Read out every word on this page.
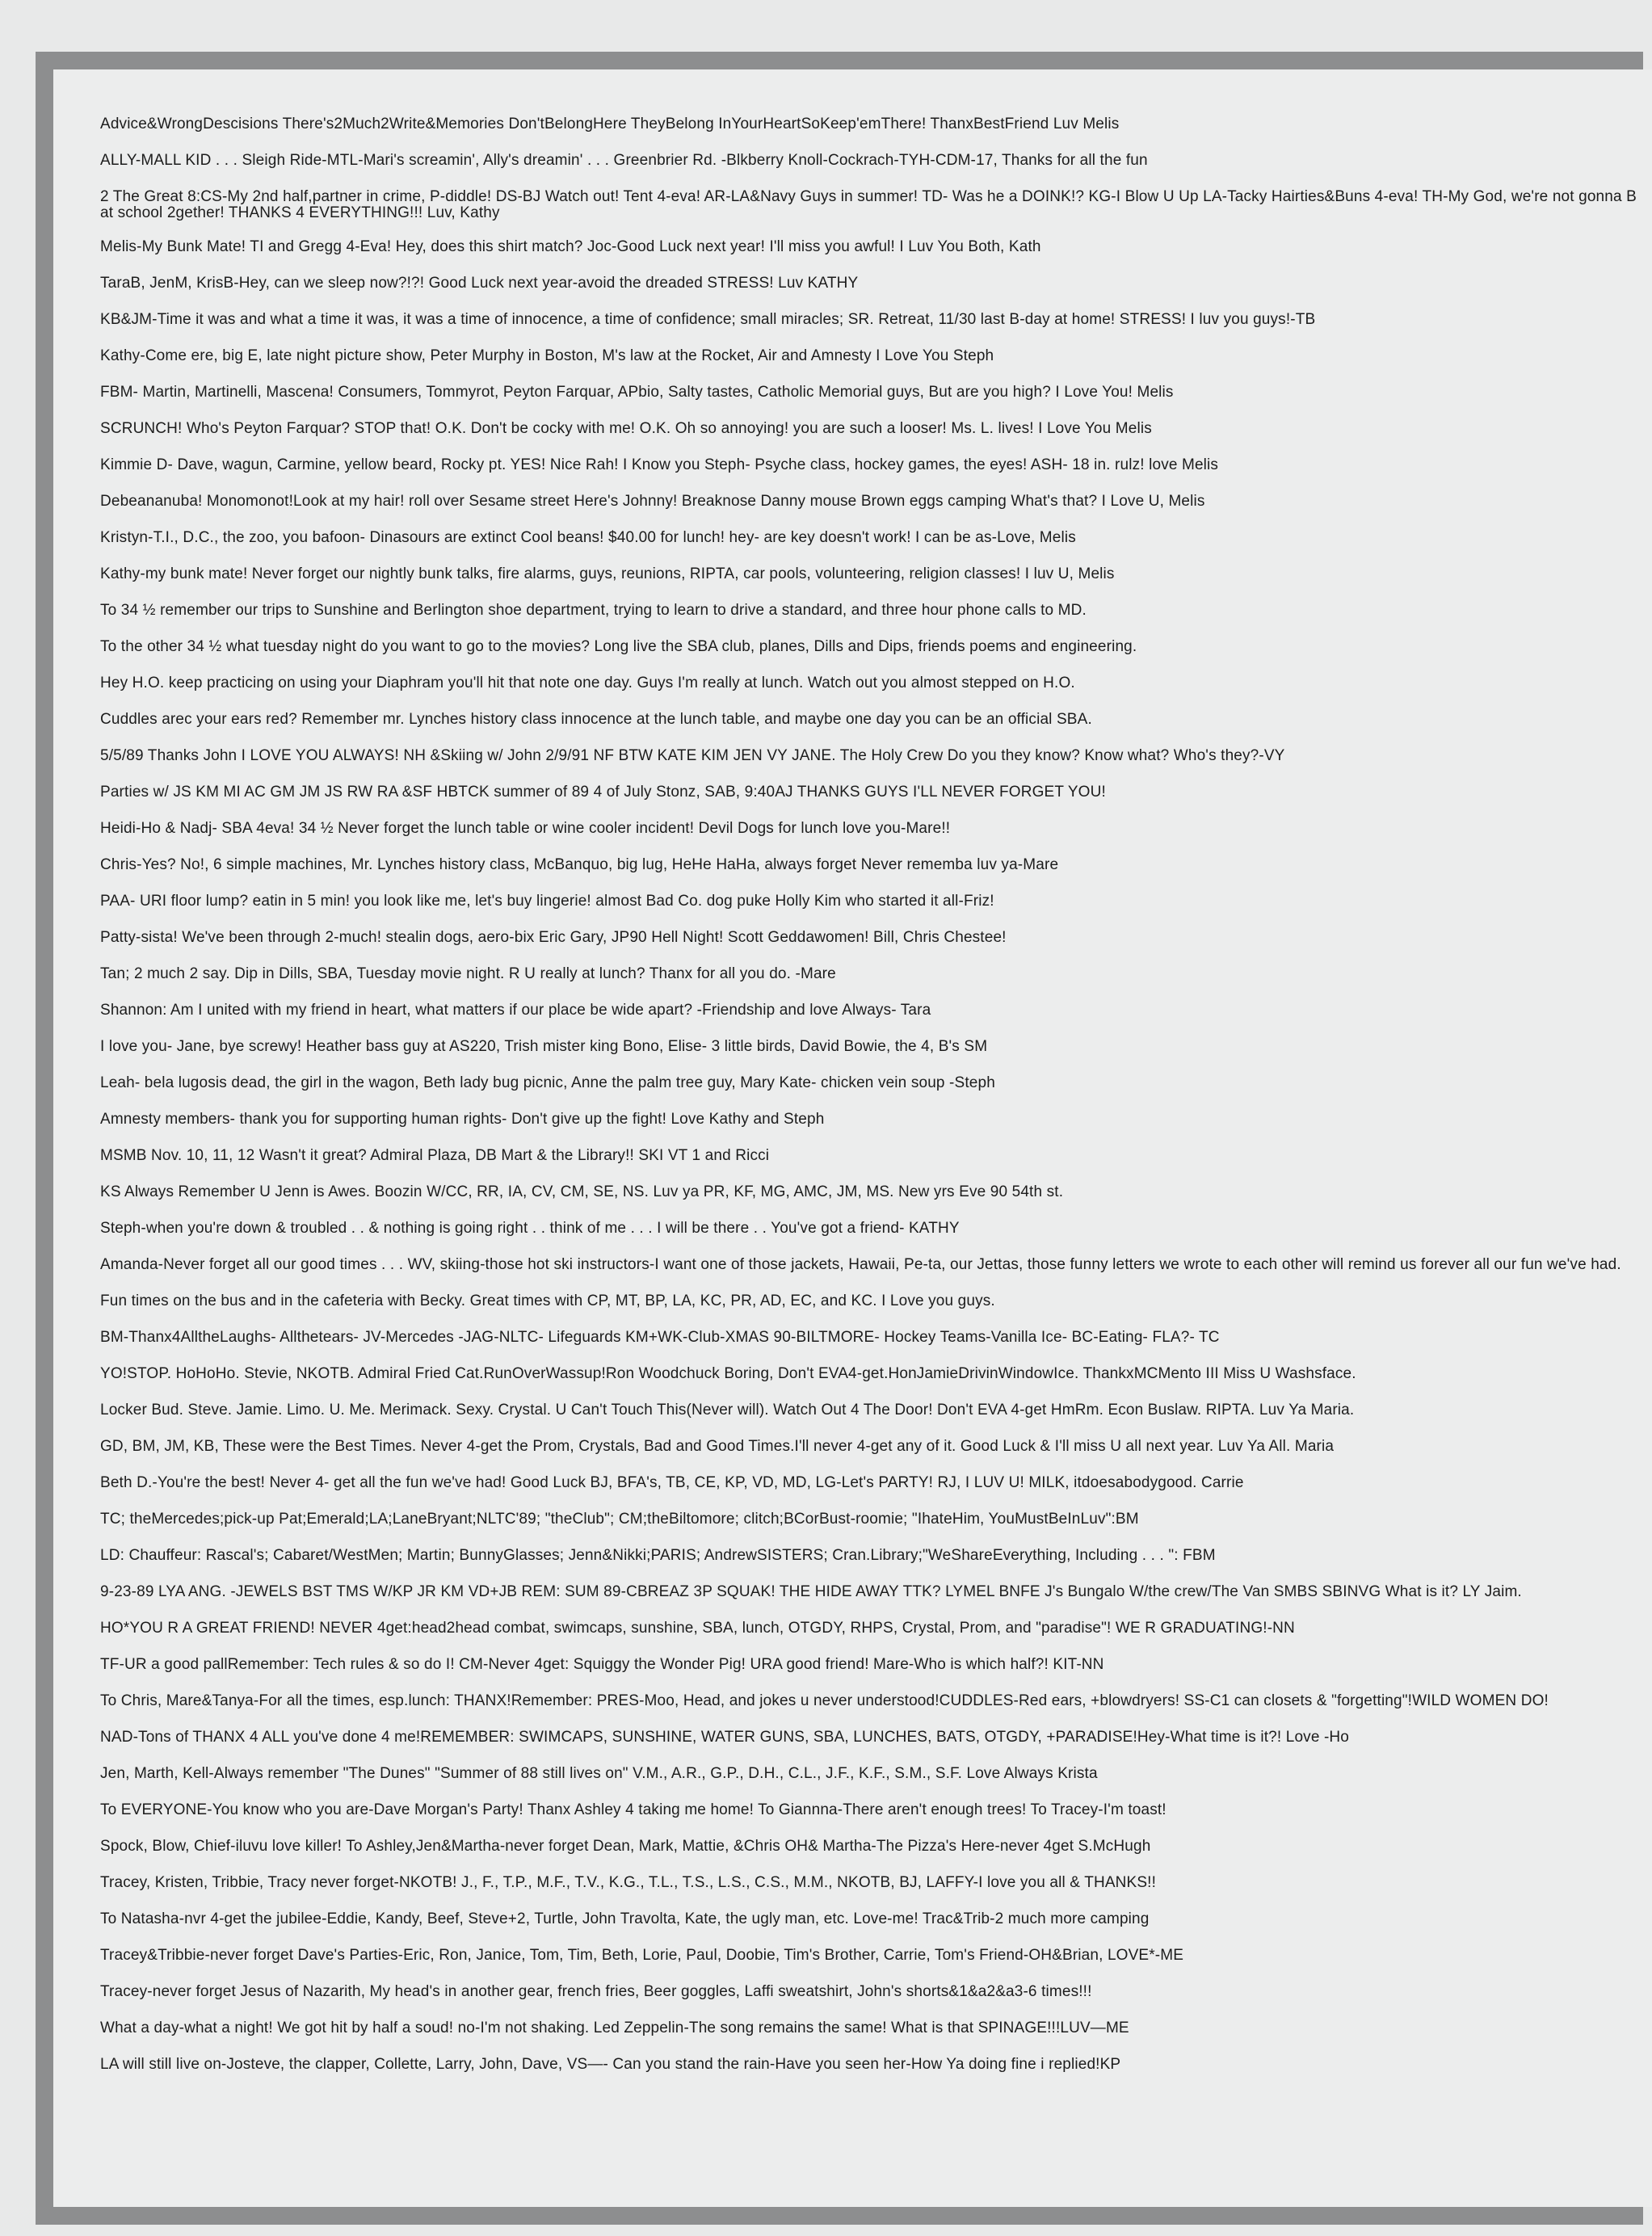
Advice&WrongDescisions There's2Much2Write&Memories Don'tBelongHere TheyBelong InYourHeartSoKeep'emThere! ThanxBestFriend Luv Melis
ALLY-MALL KID . . . Sleigh Ride-MTL-Mari's screamin', Ally's dreamin' . . . Greenbrier Rd. -Blkberry Knoll-Cockrach-TYH-CDM-17, Thanks for all the fun
2 The Great 8:CS-My 2nd half,partner in crime, P-diddle! DS-BJ Watch out! Tent 4-eva! AR-LA&Navy Guys in summer! TD- Was he a DOINK!? KG-I Blow U Up LA-Tacky Hairties&Buns 4-eva! TH-My God, we're not gonna B at school 2gether! THANKS 4 EVERYTHING!!! Luv, Kathy
Melis-My Bunk Mate! TI and Gregg 4-Eva! Hey, does this shirt match? Joc-Good Luck next year! I'll miss you awful! I Luv You Both, Kath
TaraB, JenM, KrisB-Hey, can we sleep now?!?! Good Luck next year-avoid the dreaded STRESS! Luv KATHY
KB&JM-Time it was and what a time it was, it was a time of innocence, a time of confidence; small miracles; SR. Retreat, 11/30 last B-day at home! STRESS! I luv you guys!-TB
Kathy-Come ere, big E, late night picture show, Peter Murphy in Boston, M's law at the Rocket, Air and Amnesty I Love You Steph
FBM- Martin, Martinelli, Mascena! Consumers, Tommyrot, Peyton Farquar, APbio, Salty tastes, Catholic Memorial guys, But are you high? I Love You! Melis
SCRUNCH! Who's Peyton Farquar? STOP that! O.K. Don't be cocky with me! O.K. Oh so annoying! you are such a looser! Ms. L. lives! I Love You Melis
Kimmie D- Dave, wagun, Carmine, yellow beard, Rocky pt. YES! Nice Rah! I Know you Steph- Psyche class, hockey games, the eyes! ASH- 18 in. rulz! love Melis
Debeananuba! Monomonot!Look at my hair! roll over Sesame street Here's Johnny! Breaknose Danny mouse Brown eggs camping What's that? I Love U, Melis
Kristyn-T.I., D.C., the zoo, you bafoon- Dinasours are extinct Cool beans! $40.00 for lunch! hey- are key doesn't work! I can be as-Love, Melis
Kathy-my bunk mate! Never forget our nightly bunk talks, fire alarms, guys, reunions, RIPTA, car pools, volunteering, religion classes! I luv U, Melis
To 34 ½ remember our trips to Sunshine and Berlington shoe department, trying to learn to drive a standard, and three hour phone calls to MD.
To the other 34 ½ what tuesday night do you want to go to the movies? Long live the SBA club, planes, Dills and Dips, friends poems and engineering.
Hey H.O. keep practicing on using your Diaphram you'll hit that note one day. Guys I'm really at lunch. Watch out you almost stepped on H.O.
Cuddles arec your ears red? Remember mr. Lynches history class innocence at the lunch table, and maybe one day you can be an official SBA.
5/5/89 Thanks John I LOVE YOU ALWAYS! NH &Skiing w/ John 2/9/91 NF BTW KATE KIM JEN VY JANE. The Holy Crew Do you they know? Know what? Who's they?-VY
Parties w/ JS KM MI AC GM JM JS RW RA &SF HBTCK summer of 89 4 of July Stonz, SAB, 9:40AJ THANKS GUYS I'LL NEVER FORGET YOU!
Heidi-Ho & Nadj- SBA 4eva! 34 ½ Never forget the lunch table or wine cooler incident! Devil Dogs for lunch love you-Mare!!
Chris-Yes? No!, 6 simple machines, Mr. Lynches history class, McBanquo, big lug, HeHe HaHa, always forget Never rememba luv ya-Mare
PAA- URI floor lump? eatin in 5 min! you look like me, let's buy lingerie! almost Bad Co. dog puke Holly Kim who started it all-Friz!
Patty-sista! We've been through 2-much! stealin dogs, aero-bix Eric Gary, JP90 Hell Night! Scott Geddawomen! Bill, Chris Chestee!
Tan; 2 much 2 say. Dip in Dills, SBA, Tuesday movie night. R U really at lunch? Thanx for all you do. -Mare
Shannon: Am I united with my friend in heart, what matters if our place be wide apart? -Friendship and love Always- Tara
I love you- Jane, bye screwy! Heather bass guy at AS220, Trish mister king Bono, Elise- 3 little birds, David Bowie, the 4, B's SM
Leah- bela lugosis dead, the girl in the wagon, Beth lady bug picnic, Anne the palm tree guy, Mary Kate- chicken vein soup -Steph
Amnesty members- thank you for supporting human rights- Don't give up the fight! Love Kathy and Steph
MSMB Nov. 10, 11, 12 Wasn't it great? Admiral Plaza, DB Mart & the Library!! SKI VT 1 and Ricci
KS Always Remember U Jenn is Awes. Boozin W/CC, RR, IA, CV, CM, SE, NS. Luv ya PR, KF, MG, AMC, JM, MS. New yrs Eve 90 54th st.
Steph-when you're down & troubled . . & nothing is going right . . think of me . . . I will be there . . You've got a friend- KATHY
Amanda-Never forget all our good times . . . WV, skiing-those hot ski instructors-I want one of those jackets, Hawaii, Pe-ta, our Jettas, those funny letters we wrote to each other will remind us forever all our fun we've had.
Fun times on the bus and in the cafeteria with Becky. Great times with CP, MT, BP, LA, KC, PR, AD, EC, and KC. I Love you guys.
BM-Thanx4AlltheLaughs- Allthetears- JV-Mercedes -JAG-NLTC- Lifeguards KM+WK-Club-XMAS 90-BILTMORE- Hockey Teams-Vanilla Ice- BC-Eating- FLA?- TC
YO!STOP. HoHoHo. Stevie, NKOTB. Admiral Fried Cat.RunOverWassup!Ron Woodchuck Boring, Don't EVA4-get.HonJamieDrivinWindowIce. ThankxMCMento III Miss U Washsface.
Locker Bud. Steve. Jamie. Limo. U. Me. Merimack. Sexy. Crystal. U Can't Touch This(Never will). Watch Out 4 The Door! Don't EVA 4-get HmRm. Econ Buslaw. RIPTA. Luv Ya Maria.
GD, BM, JM, KB, These were the Best Times. Never 4-get the Prom, Crystals, Bad and Good Times.I'll never 4-get any of it. Good Luck & I'll miss U all next year. Luv Ya All. Maria
Beth D.-You're the best! Never 4- get all the fun we've had! Good Luck BJ, BFA's, TB, CE, KP, VD, MD, LG-Let's PARTY! RJ, I LUV U! MILK, itdoesabodygood. Carrie
TC; theMercedes;pick-up Pat;Emerald;LA;LaneBryant;NLTC'89; "theClub"; CM;theBiltomore; clitch;BCorBust-roomie; "IhateHim, YouMustBeInLuv":BM
LD: Chauffeur: Rascal's; Cabaret/WestMen; Martin; BunnyGlasses; Jenn&Nikki;PARIS; AndrewSISTERS; Cran.Library;"WeShareEverything, Including . . . ": FBM
9-23-89 LYA ANG. -JEWELS BST TMS W/KP JR KM VD+JB REM: SUM 89-CBREAZ 3P SQUAK! THE HIDE AWAY TTK? LYMEL BNFE J's Bungalo W/the crew/The Van SMBS SBINVG What is it? LY Jaim.
HO*YOU R A GREAT FRIEND! NEVER 4get:head2head combat, swimcaps, sunshine, SBA, lunch, OTGDY, RHPS, Crystal, Prom, and "paradise"! WE R GRADUATING!-NN
TF-UR a good pallRemember: Tech rules & so do I! CM-Never 4get: Squiggy the Wonder Pig! URA good friend! Mare-Who is which half?! KIT-NN
To Chris, Mare&Tanya-For all the times, esp.lunch: THANX!Remember: PRES-Moo, Head, and jokes u never understood!CUDDLES-Red ears, +blowdryers! SS-C1 can closets & "forgetting"!WILD WOMEN DO!
NAD-Tons of THANX 4 ALL you've done 4 me!REMEMBER: SWIMCAPS, SUNSHINE, WATER GUNS, SBA, LUNCHES, BATS, OTGDY, +PARADISE!Hey-What time is it?! Love -Ho
Jen, Marth, Kell-Always remember "The Dunes" "Summer of 88 still lives on" V.M., A.R., G.P., D.H., C.L., J.F., K.F., S.M., S.F. Love Always Krista
To EVERYONE-You know who you are-Dave Morgan's Party! Thanx Ashley 4 taking me home! To Giannna-There aren't enough trees! To Tracey-I'm toast!
Spock, Blow, Chief-iluvu love killer! To Ashley,Jen&Martha-never forget Dean, Mark, Mattie, &Chris OH& Martha-The Pizza's Here-never 4get S.McHugh
Tracey, Kristen, Tribbie, Tracy never forget-NKOTB! J., F., T.P., M.F., T.V., K.G., T.L., T.S., L.S., C.S., M.M., NKOTB, BJ, LAFFY-I love you all & THANKS!!
To Natasha-nvr 4-get the jubilee-Eddie, Kandy, Beef, Steve+2, Turtle, John Travolta, Kate, the ugly man, etc. Love-me! Trac&Trib-2 much more camping
Tracey&Tribbie-never forget Dave's Parties-Eric, Ron, Janice, Tom, Tim, Beth, Lorie, Paul, Doobie, Tim's Brother, Carrie, Tom's Friend-OH&Brian, LOVE*-ME
Tracey-never forget Jesus of Nazarith, My head's in another gear, french fries, Beer goggles, Laffi sweatshirt, John's shorts&1&a2&a3-6 times!!!
What a day-what a night! We got hit by half a soud! no-I'm not shaking. Led Zeppelin-The song remains the same! What is that SPINAGE!!!LUV—ME
LA will still live on-Josteve, the clapper, Collette, Larry, John, Dave, VS—- Can you stand the rain-Have you seen her-How Ya doing fine i replied!KP
